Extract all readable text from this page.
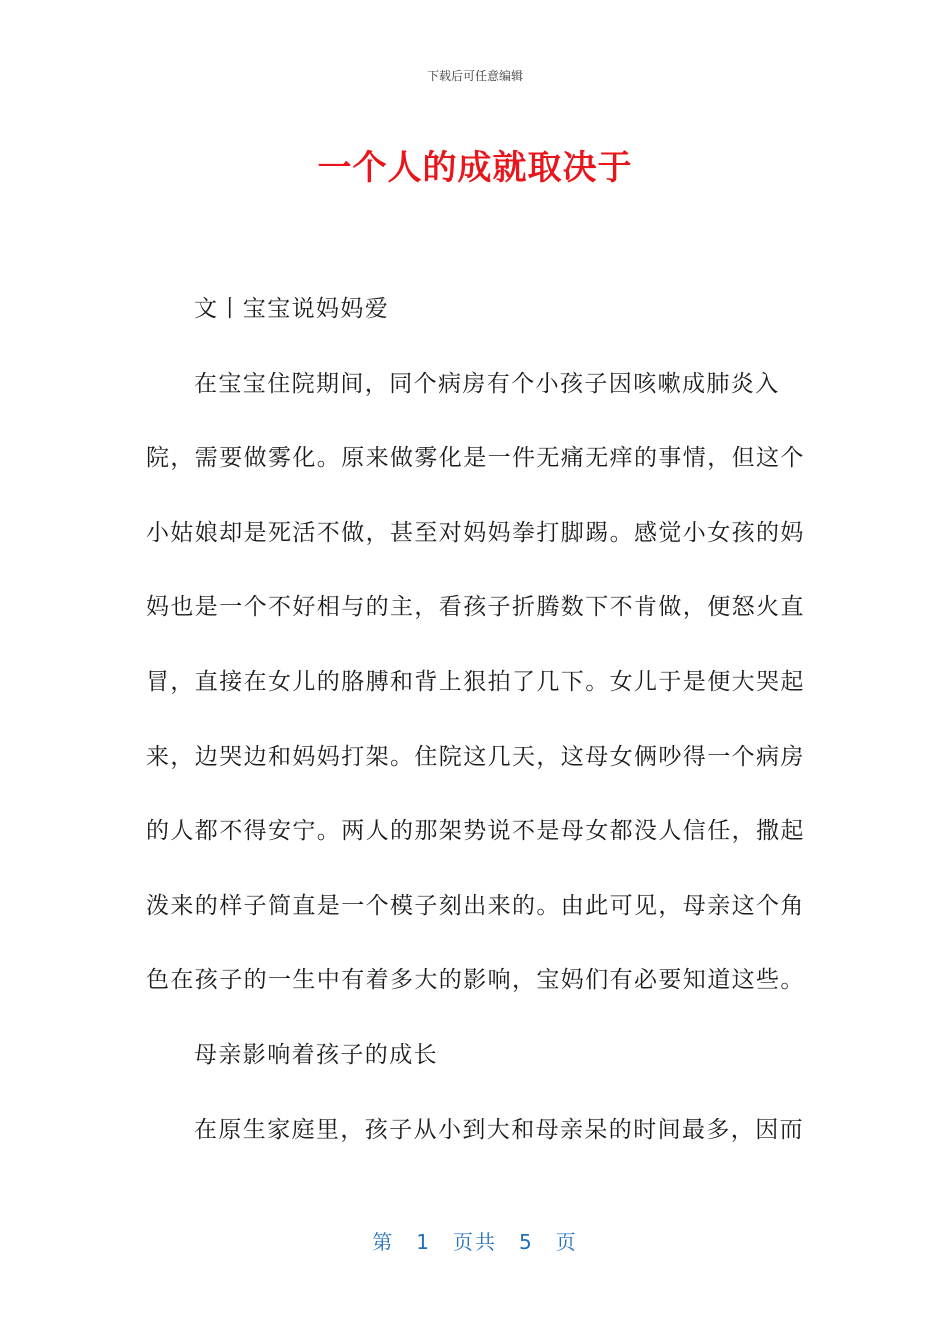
下载后可任意编辑
一个人的成就取决于

文丨宝宝说妈妈爱

在宝宝住院期间，同个病房有个小孩子因咳嗽成肺炎入院，需要做雾化。原来做雾化是一件无痛无痒的事情，但这个小姑娘却是死活不做，甚至对妈妈拳打脚踢。感觉小女孩的妈妈也是一个不好相与的主，看孩子折腾数下不肯做，便怒火直冒，直接在女儿的胳膊和背上狠拍了几下。女儿于是便大哭起来，边哭边和妈妈打架。住院这几天，这母女俩吵得一个病房的人都不得安宁。两人的那架势说不是母女都没人信任，撒起泼来的样子简直是一个模子刻出来的。由此可见，母亲这个角色在孩子的一生中有着多大的影响，宝妈们有必要知道这些。

母亲影响着孩子的成长

在原生家庭里，孩子从小到大和母亲呆的时间最多，因而

第 1 页共 5 页
